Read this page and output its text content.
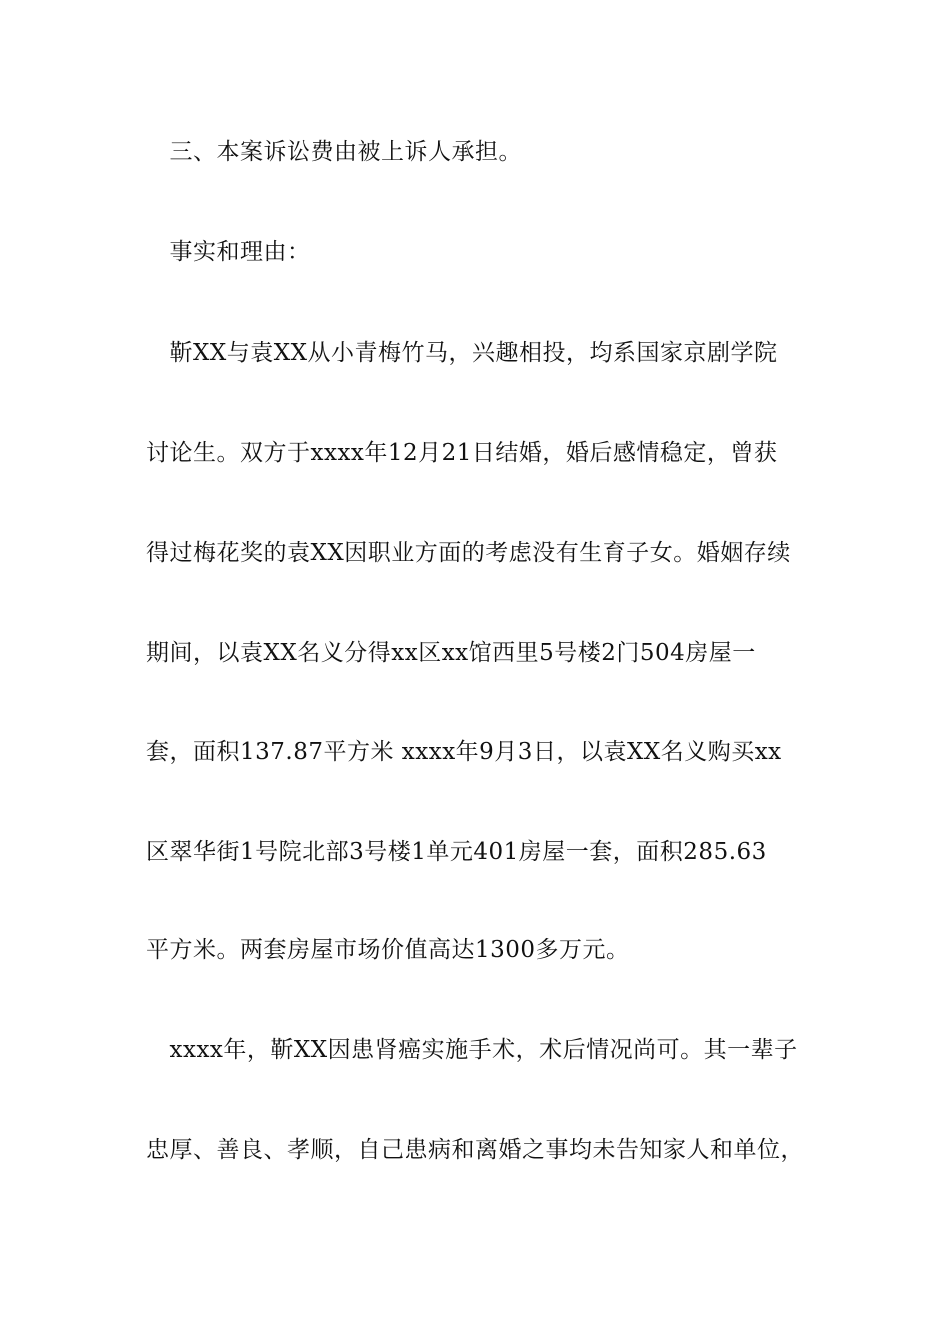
　三、本案诉讼费由被上诉人承担。
　事实和理由：
　靳XX与袁XX从小青梅竹马，兴趣相投，均系国家京剧学院
讨论生。双方于xxxx年12月21日结婚，婚后感情稳定，曾获
得过梅花奖的袁XX因职业方面的考虑没有生育子女。婚姻存续
期间，以袁XX名义分得xx区xx馆西里5号楼2门504房屋一
套，面积137.87平方米 xxxx年9月3日，以袁XX名义购买xx
区翠华街1号院北部3号楼1单元401房屋一套，面积285.63
平方米。两套房屋市场价值高达1300多万元。
　xxxx年，靳XX因患肾癌实施手术，术后情况尚可。其一辈子
忠厚、善良、孝顺，自己患病和离婚之事均未告知家人和单位，
